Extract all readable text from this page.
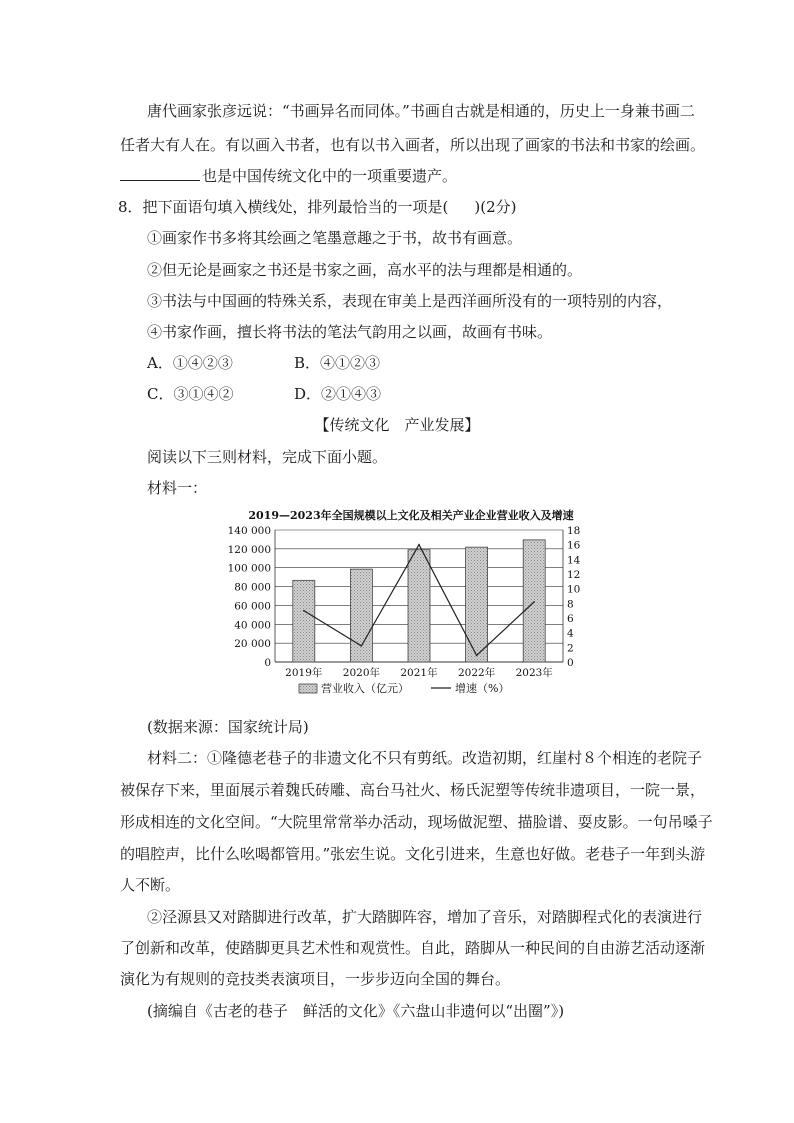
唐代画家张彦远说：“书画异名而同体。”书画自古就是相通的，历史上一身兼书画二
任者大有人在。有以画入书者，也有以书入画者，所以出现了画家的书法和书家的绘画。
也是中国传统文化中的一项重要遗产。
8．把下面语句填入横线处，排列最恰当的一项是( )(2分)
①画家作书多将其绘画之笔墨意趣之于书，故书有画意。
②但无论是画家之书还是书家之画，高水平的法与理都是相通的。
③书法与中国画的特殊关系，表现在审美上是西洋画所没有的一项特别的内容，
④书家作画，擅长将书法的笔法气韵用之以画，故画有书味。
A．①④②③	B．④①②③
C．③①④②	D．②①④③
【传统文化　产业发展】
阅读以下三则材料，完成下面小题。
材料一：
2019—2023年全国规模以上文化及相关产业企业营业收入及增速
0
20 000
40 000
60 000
80 000
100 000
120 000
140 000
0
2
4
6
8
10
12
14
16
18
2019年 2020年 2021年 2022年 2023年
营业收入（亿元）	增速（%）
(数据来源：国家统计局)
材料二：①隆德老巷子的非遗文化不只有剪纸。改造初期，红崖村８个相连的老院子
被保存下来，里面展示着魏氏砖雕、高台马社火、杨氏泥塑等传统非遗项目，一院一景，
形成相连的文化空间。“大院里常常举办活动，现场做泥塑、描脸谱、耍皮影。一句吊嗓子
的唱腔声，比什么吆喝都管用。”张宏生说。文化引进来，生意也好做。老巷子一年到头游
人不断。
②泾源县又对踏脚进行改革，扩大踏脚阵容，增加了音乐，对踏脚程式化的表演进行
了创新和改革，使踏脚更具艺术性和观赏性。自此，踏脚从一种民间的自由游艺活动逐渐
演化为有规则的竞技类表演项目，一步步迈向全国的舞台。
(摘编自《古老的巷子　鲜活的文化》《六盘山非遗何以“出圈”》)
